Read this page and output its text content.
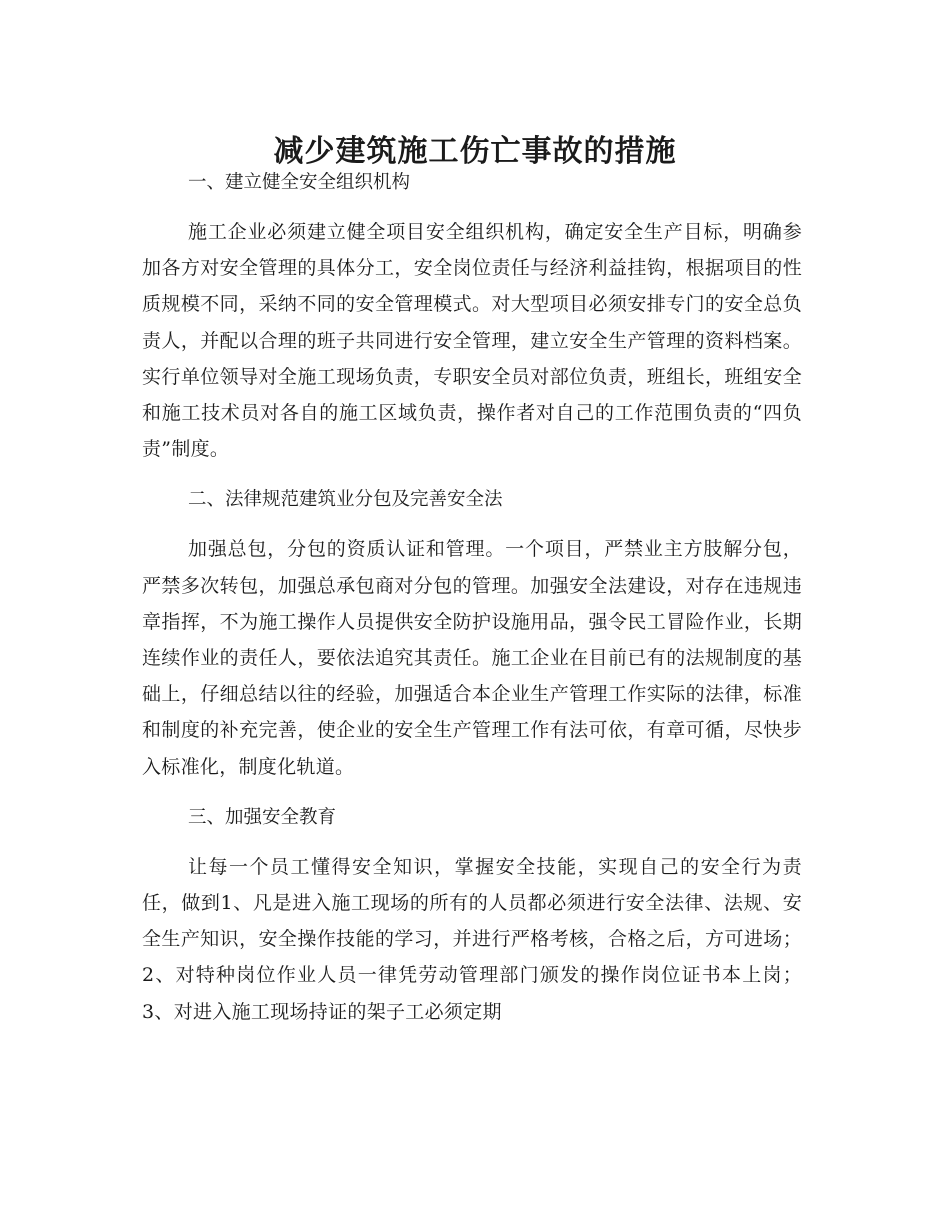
减少建筑施工伤亡事故的措施

一、建立健全安全组织机构

施工企业必须建立健全项目安全组织机构，确定安全生产目标，明确参加各方对安全管理的具体分工，安全岗位责任与经济利益挂钩，根据项目的性质规模不同，采纳不同的安全管理模式。对大型项目必须安排专门的安全总负责人，并配以合理的班子共同进行安全管理，建立安全生产管理的资料档案。实行单位领导对全施工现场负责，专职安全员对部位负责，班组长，班组安全和施工技术员对各自的施工区域负责，操作者对自己的工作范围负责的“四负责”制度。

二、法律规范建筑业分包及完善安全法

加强总包，分包的资质认证和管理。一个项目，严禁业主方肢解分包，严禁多次转包，加强总承包商对分包的管理。加强安全法建设，对存在违规违章指挥，不为施工操作人员提供安全防护设施用品，强令民工冒险作业，长期连续作业的责任人，要依法追究其责任。施工企业在目前已有的法规制度的基础上，仔细总结以往的经验，加强适合本企业生产管理工作实际的法律，标准和制度的补充完善，使企业的安全生产管理工作有法可依，有章可循，尽快步入标准化，制度化轨道。

三、加强安全教育

让每一个员工懂得安全知识，掌握安全技能，实现自己的安全行为责任，做到1、凡是进入施工现场的所有的人员都必须进行安全法律、法规、安全生产知识，安全操作技能的学习，并进行严格考核，合格之后，方可进场；2、对特种岗位作业人员一律凭劳动管理部门颁发的操作岗位证书本上岗；3、对进入施工现场持证的架子工必须定期
